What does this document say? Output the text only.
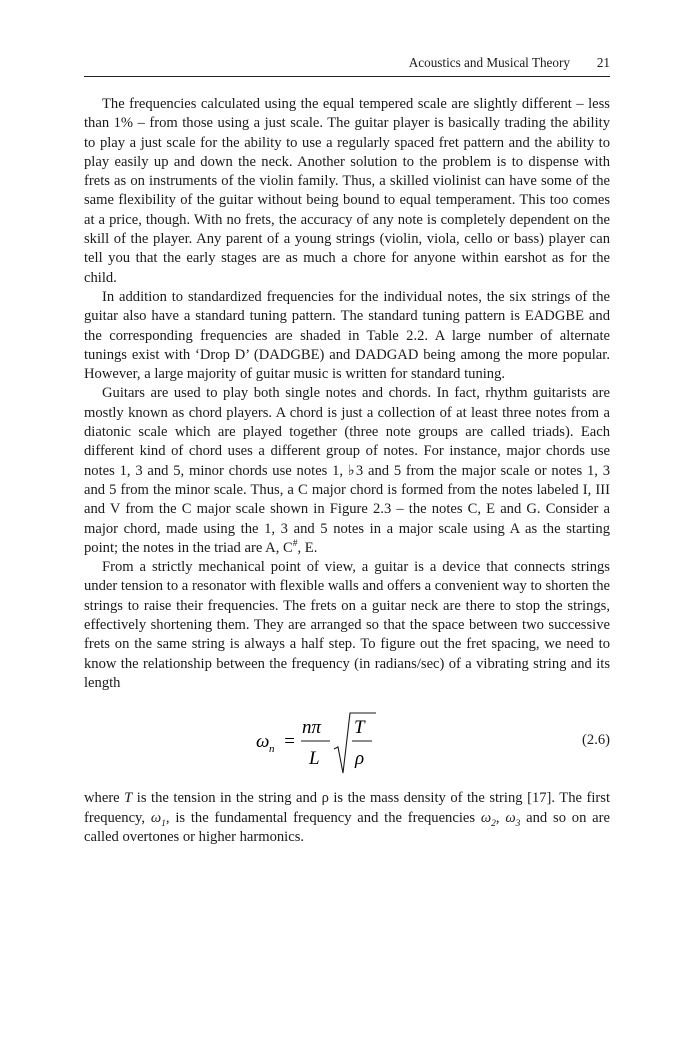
Acoustics and Musical Theory 21

The frequencies calculated using the equal tempered scale are slightly different – less than 1% – from those using a just scale. The guitar player is basically trading the ability to play a just scale for the ability to use a regularly spaced fret pattern and the ability to play easily up and down the neck. Another solution to the problem is to dispense with frets as on instruments of the violin family. Thus, a skilled violinist can have some of the same flexibility of the guitar without being bound to equal temperament. This too comes at a price, though. With no frets, the accuracy of any note is completely dependent on the skill of the player. Any parent of a young strings (violin, viola, cello or bass) player can tell you that the early stages are as much a chore for anyone within earshot as for the child.

In addition to standardized frequencies for the individual notes, the six strings of the guitar also have a standard tuning pattern. The standard tuning pattern is EADGBE and the corresponding frequencies are shaded in Table 2.2. A large number of alternate tunings exist with ‘Drop D’ (DADGBE) and DADGAD being among the more popular. However, a large majority of guitar music is written for standard tuning.

Guitars are used to play both single notes and chords. In fact, rhythm guitarists are mostly known as chord players. A chord is just a collection of at least three notes from a diatonic scale which are played together (three note groups are called triads). Each different kind of chord uses a different group of notes. For instance, major chords use notes 1, 3 and 5, minor chords use notes 1, ♭3 and 5 from the major scale or notes 1, 3 and 5 from the minor scale. Thus, a C major chord is formed from the notes labeled I, III and V from the C major scale shown in Figure 2.3 – the notes C, E and G. Consider a major chord, made using the 1, 3 and 5 notes in a major scale using A as the starting point; the notes in the triad are A, C#, E.

From a strictly mechanical point of view, a guitar is a device that connects strings under tension to a resonator with flexible walls and offers a convenient way to shorten the strings to raise their frequencies. The frets on a guitar neck are there to stop the strings, effectively shortening them. They are arranged so that the space between two successive frets on the same string is always a half step. To figure out the fret spacing, we need to know the relationship between the frequency (in radians/sec) of a vibrating string and its length

ω n =
nπ
L
T
ρ
(2.6)

where T is the tension in the string and ρ is the mass density of the string [17]. The first frequency, $\omega_1$, is the fundamental frequency and the frequencies $\omega_2$, $\omega_3$ and so on are called overtones or higher harmonics.
